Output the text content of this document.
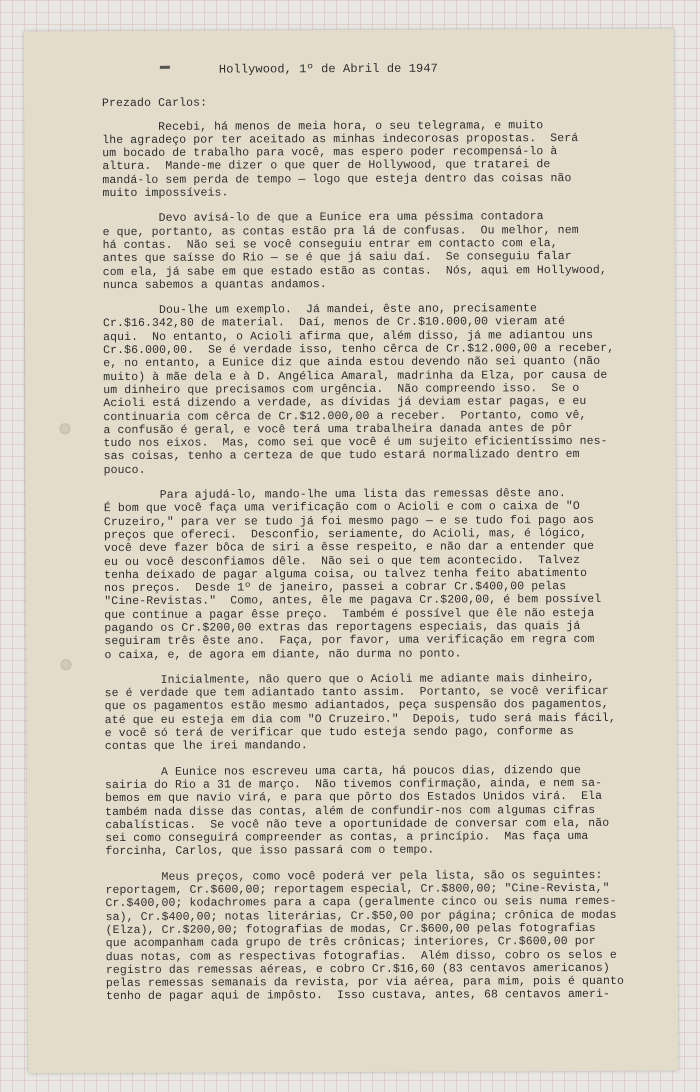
Hollywood, 1º de Abril de 1947
Prezado Carlos:
Recebi, há menos de meia hora, o seu telegrama, e muito
lhe agradeço por ter aceitado as minhas indecorosas propostas.  Será
um bocado de trabalho para você, mas espero poder recompensá-lo à
altura.  Mande-me dizer o que quer de Hollywood, que tratarei de
mandá-lo sem perda de tempo — logo que esteja dentro das coisas não
muito impossíveis.
Devo avisá-lo de que a Eunice era uma péssima contadora
e que, portanto, as contas estão pra lá de confusas.  Ou melhor, nem
há contas.  Não sei se você conseguiu entrar em contacto com ela,
antes que saísse do Rio — se é que já saiu daí.  Se conseguiu falar
com ela, já sabe em que estado estão as contas.  Nós, aqui em Hollywood,
nunca sabemos a quantas andamos.
Dou-lhe um exemplo.  Já mandei, êste ano, precisamente
Cr.$16.342,80 de material.  Daí, menos de Cr.$10.000,00 vieram até
aqui.  No entanto, o Acioli afirma que, além disso, já me adiantou uns
Cr.$6.000,00.  Se é verdade isso, tenho cêrca de Cr.$12.000,00 a receber,
e, no entanto, a Eunice diz que ainda estou devendo não sei quanto (não
muito) à mãe dela e à D. Angélica Amaral, madrinha da Elza, por causa de
um dinheiro que precisamos com urgência.  Não compreendo isso.  Se o
Acioli está dizendo a verdade, as dívidas já deviam estar pagas, e eu
continuaria com cêrca de Cr.$12.000,00 a receber.  Portanto, como vê,
a confusão é geral, e você terá uma trabalheira danada antes de pôr
tudo nos eixos.  Mas, como sei que você é um sujeito eficientíssimo nes-
sas coisas, tenho a certeza de que tudo estará normalizado dentro em
pouco.
Para ajudá-lo, mando-lhe uma lista das remessas dêste ano.
É bom que você faça uma verificação com o Acioli e com o caixa de "O
Cruzeiro," para ver se tudo já foi mesmo pago — e se tudo foi pago aos
preços que ofereci.  Desconfio, seriamente, do Acioli, mas, é lógico,
você deve fazer bôca de siri a êsse respeito, e não dar a entender que
eu ou você desconfiamos dêle.  Não sei o que tem acontecido.  Talvez
tenha deixado de pagar alguma coisa, ou talvez tenha feito abatimento
nos preços.  Desde 1º de janeiro, passei a cobrar Cr.$400,00 pelas
"Cine-Revistas."  Como, antes, êle me pagava Cr.$200,00, é bem possível
que continue a pagar êsse preço.  Também é possível que êle não esteja
pagando os Cr.$200,00 extras das reportagens especiais, das quais já
seguiram três êste ano.  Faça, por favor, uma verificação em regra com
o caixa, e, de agora em diante, não durma no ponto.
Inicialmente, não quero que o Acioli me adiante mais dinheiro,
se é verdade que tem adiantado tanto assim.  Portanto, se você verificar
que os pagamentos estão mesmo adiantados, peça suspensão dos pagamentos,
até que eu esteja em dia com "O Cruzeiro."  Depois, tudo será mais fácil,
e você só terá de verificar que tudo esteja sendo pago, conforme as
contas que lhe irei mandando.
A Eunice nos escreveu uma carta, há poucos dias, dizendo que
sairia do Rio a 31 de março.  Não tivemos confirmação, ainda, e nem sa-
bemos em que navio virá, e para que pôrto dos Estados Unidos virá.  Ela
também nada disse das contas, além de confundir-nos com algumas cifras
cabalísticas.  Se você não teve a oportunidade de conversar com ela, não
sei como conseguirá compreender as contas, a princípio.  Mas faça uma
forcinha, Carlos, que isso passará com o tempo.
Meus preços, como você poderá ver pela lista, são os seguintes:
reportagem, Cr.$600,00; reportagem especial, Cr.$800,00; "Cine-Revista,"
Cr.$400,00; kodachromes para a capa (geralmente cinco ou seis numa remes-
sa), Cr.$400,00; notas literárias, Cr.$50,00 por página; crônica de modas
(Elza), Cr.$200,00; fotografias de modas, Cr.$600,00 pelas fotografias
que acompanham cada grupo de três crônicas; interiores, Cr.$600,00 por
duas notas, com as respectivas fotografias.  Além disso, cobro os selos e
registro das remessas aéreas, e cobro Cr.$16,60 (83 centavos americanos)
pelas remessas semanais da revista, por via aérea, para mim, pois é quanto
tenho de pagar aqui de impôsto.  Isso custava, antes, 68 centavos ameri-
